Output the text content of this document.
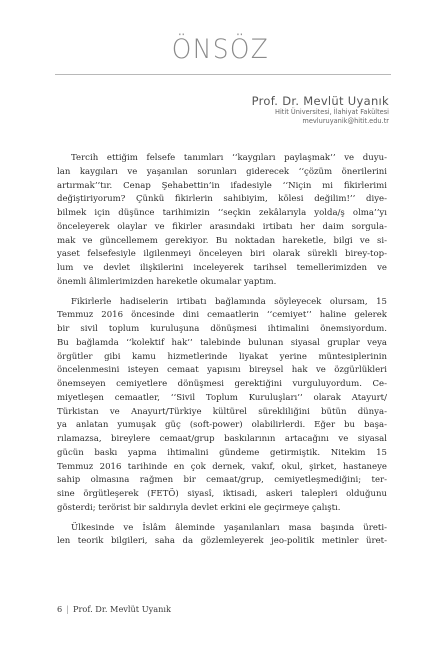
ÖNSÖZ
Prof. Dr. Mevlüt Uyanık
Hitit Üniversitesi, İlahiyat Fakültesi
mevluruyanik@hitit.edu.tr
Tercih ettiğim felsefe tanımları ‘‘kaygıları paylaşmak’’ ve duyu-
lan kaygıları ve yaşanılan sorunları giderecek ‘‘çözüm önerilerini
artırmak’’tır. Cenap Şehabettin’in ifadesiyle ‘‘Niçin mi fikirlerimi
değiştiriyorum? Çünkü fikirlerin sahibiyim, kölesi değilim!’’ diye-
bilmek için düşünce tarihimizin ‘‘seçkin zekâlarıyla yolda/ş olma’’yı
önceleyerek olaylar ve fikirler arasındaki irtibatı her daim sorgula-
mak ve güncellemem gerekiyor. Bu noktadan hareketle, bilgi ve si-
yaset felsefesiyle ilgilenmeyi önceleyen biri olarak sürekli birey-top-
lum ve devlet ilişkilerini inceleyerek tarihsel temellerimizden ve
önemli âlimlerimizden hareketle okumalar yaptım.
Fikirlerle hadiselerin irtibatı bağlamında söyleyecek olursam, 15
Temmuz 2016 öncesinde dini cemaatlerin ‘‘cemiyet’’ haline gelerek
bir sivil toplum kuruluşuna dönüşmesi ihtimalini önemsiyordum.
Bu bağlamda ‘‘kolektif hak’’ talebinde bulunan siyasal gruplar veya
örgütler gibi kamu hizmetlerinde liyakat yerine müntesiplerinin
öncelenmesini isteyen cemaat yapısını bireysel hak ve özgürlükleri
önemseyen cemiyetlere dönüşmesi gerektiğini vurguluyordum. Ce-
miyetleşen cemaatler, ‘‘Sivil Toplum Kuruluşları’’ olarak Atayurt/
Türkistan ve Anayurt/Türkiye kültürel sürekliliğini bütün dünya-
ya anlatan yumuşak güç (soft-power) olabilirlerdi. Eğer bu başa-
rılamazsa, bireylere cemaat/grup baskılarının artacağını ve siyasal
gücün baskı yapma ihtimalini gündeme getirmiştik. Nitekim 15
Temmuz 2016 tarihinde en çok dernek, vakıf, okul, şirket, hastaneye
sahip olmasına rağmen bir cemaat/grup, cemiyetleşmediğini; ter-
sine örgütleşerek (FETÖ) siyasî, iktisadi, askeri talepleri olduğunu
gösterdi; terörist bir saldırıyla devlet erkini ele geçirmeye çalıştı.
Ülkesinde ve İslâm âleminde yaşanılanları masa başında üreti-
len teorik bilgileri, saha da gözlemleyerek jeo-politik metinler üret-
6 | Prof. Dr. Mevlüt Uyanık
